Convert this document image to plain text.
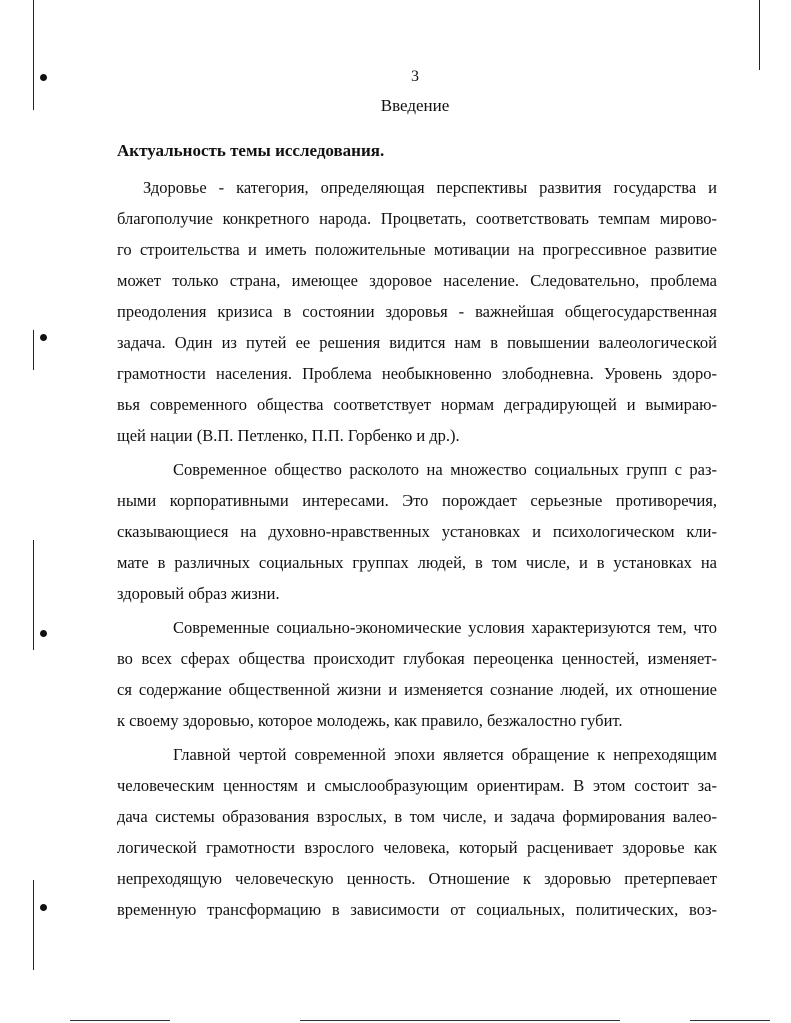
3
Введение
Актуальность темы исследования.
Здоровье - категория, определяющая перспективы развития государства и
благополучие конкретного народа. Процветать, соответствовать темпам мирово-
го строительства и иметь положительные мотивации на прогрессивное развитие
может только страна, имеющее здоровое население. Следовательно, проблема
преодоления кризиса в состоянии здоровья - важнейшая общегосударственная
задача. Один из путей ее решения видится нам в повышении валеологической
грамотности населения. Проблема необыкновенно злободневна. Уровень здоро-
вья современного общества соответствует нормам деградирующей и вымираю-
щей нации (В.П. Петленко, П.П. Горбенко и др.).
Современное общество расколото на множество социальных групп с раз-
ными корпоративными интересами. Это порождает серьезные противоречия,
сказывающиеся на духовно-нравственных установках и психологическом кли-
мате в различных социальных группах людей, в том числе, и в установках на
здоровый образ жизни.
Современные социально-экономические условия характеризуются тем, что
во всех сферах общества происходит глубокая переоценка ценностей, изменяет-
ся содержание общественной жизни и изменяется сознание людей, их отношение
к своему здоровью, которое молодежь, как правило, безжалостно губит.
Главной чертой современной эпохи является обращение к непреходящим
человеческим ценностям и смыслообразующим ориентирам. В этом состоит за-
дача системы образования взрослых, в том числе, и задача формирования валео-
логической грамотности взрослого человека, который расценивает здоровье как
непреходящую человеческую ценность. Отношение к здоровью претерпевает
временную трансформацию в зависимости от социальных, политических, воз-
